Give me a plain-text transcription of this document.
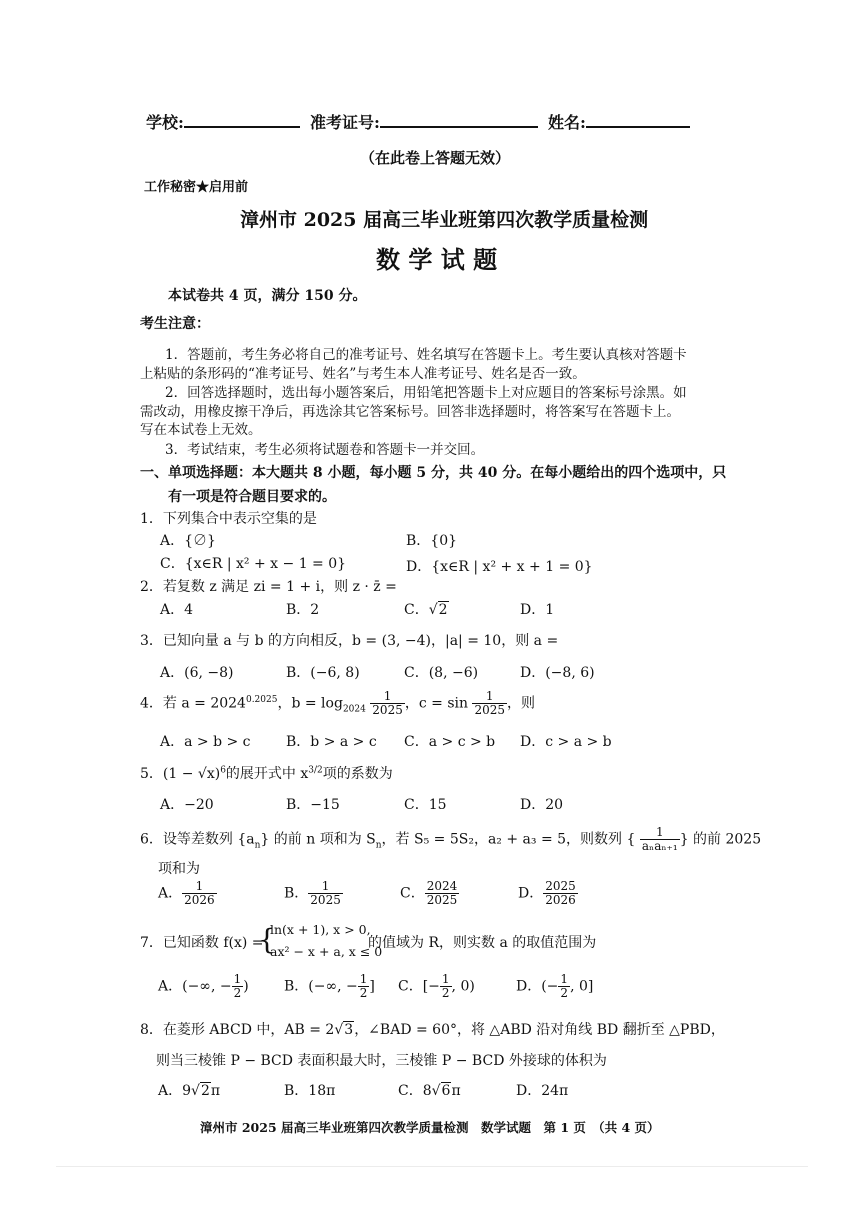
学校:	准考证号:	姓名:
（在此卷上答题无效）
工作秘密★启用前
漳州市 2025 届高三毕业班第四次教学质量检测
数 学 试 题
本试卷共 4 页，满分 150 分。
考生注意：
1．答题前，考生务必将自己的准考证号、姓名填写在答题卡上。考生要认真核对答题卡
上粘贴的条形码的“准考证号、姓名”与考生本人准考证号、姓名是否一致。
2．回答选择题时，选出每小题答案后，用铅笔把答题卡上对应题目的答案标号涂黑。如
需改动，用橡皮擦干净后，再选涂其它答案标号。回答非选择题时，将答案写在答题卡上。
写在本试卷上无效。
3．考试结束，考生必须将试题卷和答题卡一并交回。
一、单项选择题：本大题共 8 小题，每小题 5 分，共 40 分。在每小题给出的四个选项中，只
有一项是符合题目要求的。
1．下列集合中表示空集的是
A．{∅}	B．{0}
C．{x∈R | x² + x − 1 = 0}	D．{x∈R | x² + x + 1 = 0}
2．若复数 z 满足 zi = 1 + i，则 z · z̄ =
A．4	B．2	C．√2	D．1
3．已知向量 a 与 b 的方向相反，b = (3, −4)，|a| = 10，则 a =
A．(6, −8)	B．(−6, 8)	C．(8, −6)	D．(−8, 6)
4．若 $a = 2024^{0.2025}$，$b = \log_{2024} \frac{1}{2025}$ ，$c = \sin \frac{1}{2025}$ ，则
A．a > b > c	B．b > a > c C．a > c > b D．c > a > b
5．$(1 - √x)^6$的展开式中 $x^{3/2}$项的系数为
A．−20	B．−15	C．15	D．20
6．设等差数列 $\{a_n\}$ 的前 n 项和为 $S_n$，若 S₅ = 5S₂，a₂ + a₃ = 5，则数列 { $\frac{1}{\text{aₙaₙ₊₁}}$ } 的前 2025
项和为
A． $\frac{1}{2026}$	B． $\frac{1}{2025}$	C． $\frac{2024}{2025}$	D． $\frac{2025}{2026}$
7．已知函数 f(x) =
{
ln(x + 1), x > 0,
ax² − x + a, x ≤ 0
的值域为 R，则实数 a 的取值范围为
A．(−∞, − $\frac{1}{2}$ )	B．(−∞, − $\frac{1}{2}$ ] C．[− $\frac{1}{2}$ , 0)	D．(− $\frac{1}{2}$ , 0]
8．在菱形 ABCD 中，AB = 2√3，∠BAD = 60°，将 △ABD 沿对角线 BD 翻折至 △PBD，
则当三棱锥 P − BCD 表面积最大时，三棱锥 P − BCD 外接球的体积为
A．9√2π	B．18π	C．8√6π	D．24π
漳州市 2025 届高三毕业班第四次教学质量检测　数学试题　第 1 页　（共 4 页）
